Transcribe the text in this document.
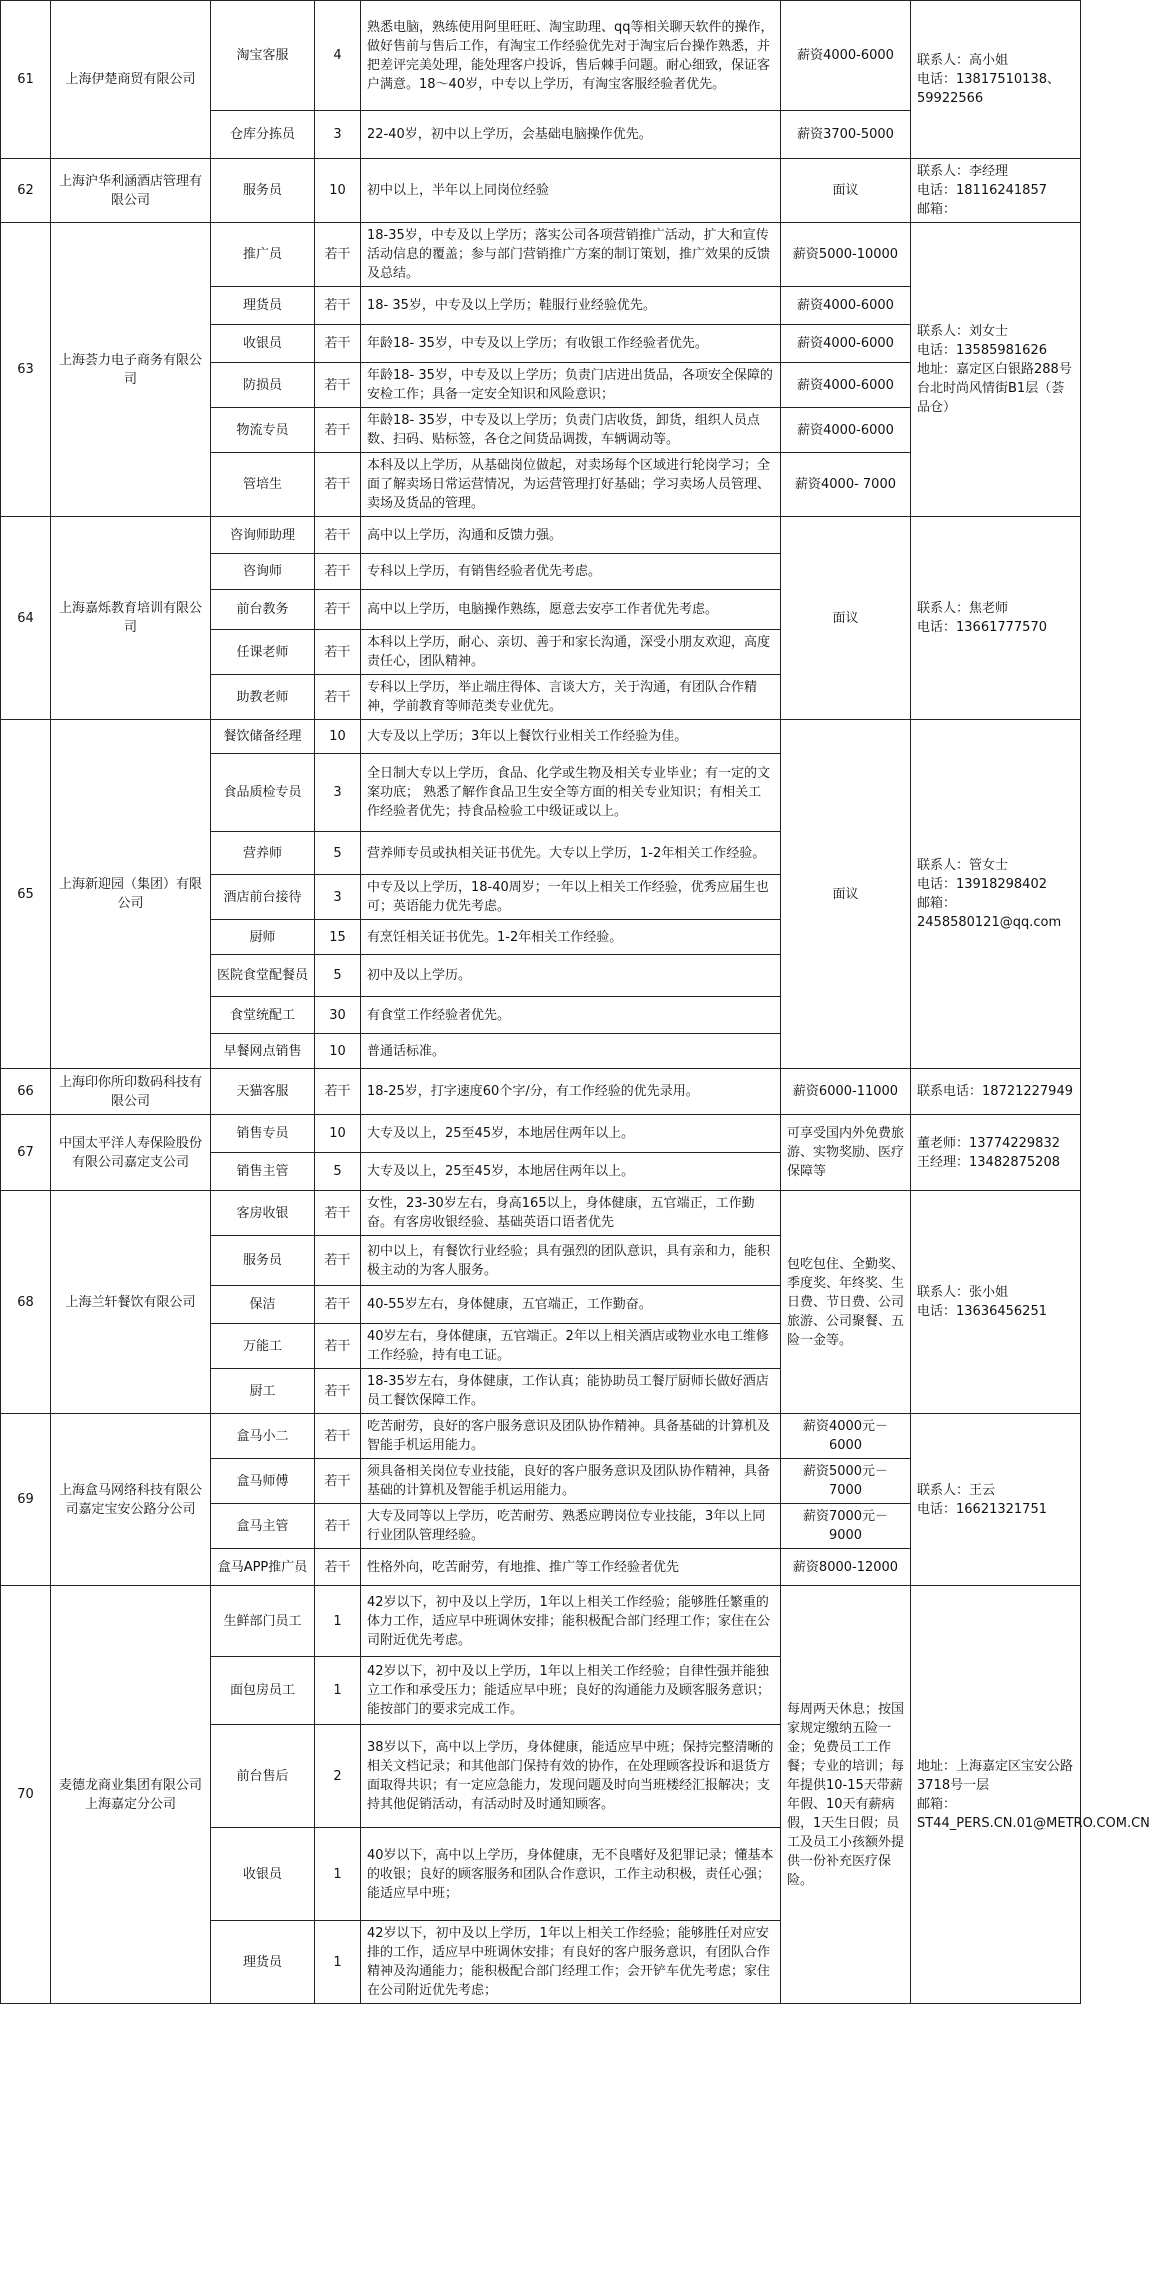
61	上海伊楚商贸有限公司	淘宝客服	4	熟悉电脑，熟练使用阿里旺旺、淘宝助理、qq等相关聊天软件的操作，做好售前与售后工作，有淘宝工作经验优先对于淘宝后台操作熟悉，并把差评完美处理，能处理客户投诉，售后棘手问题。耐心细致，保证客户满意。18～40岁，中专以上学历，有淘宝客服经验者优先。	薪资4000-6000	联系人：高小姐
电话：13817510138、59922566
		仓库分拣员	3	22-40岁，初中以上学历，会基础电脑操作优先。	薪资3700-5000	
62	上海沪华利涵酒店管理有限公司	服务员	10	初中以上，半年以上同岗位经验	面议	联系人：李经理
电话：18116241857
邮箱：
63	上海荟力电子商务有限公司	推广员	若干	18-35岁，中专及以上学历；落实公司各项营销推广活动，扩大和宣传活动信息的覆盖；参与部门营销推广方案的制订策划，推广效果的反馈及总结。	薪资5000-10000	联系人：刘女士
电话：13585981626
地址：嘉定区白银路288号台北时尚风情街B1层（荟品仓）
		理货员	若干	18- 35岁，中专及以上学历；鞋服行业经验优先。	薪资4000-6000	
		收银员	若干	年龄18- 35岁，中专及以上学历；有收银工作经验者优先。	薪资4000-6000	
		防损员	若干	年龄18- 35岁，中专及以上学历；负责门店进出货品，各项安全保障的安检工作；具备一定安全知识和风险意识；	薪资4000-6000	
		物流专员	若干	年龄18- 35岁，中专及以上学历；负责门店收货，卸货，组织人员点数、扫码、贴标签，各仓之间货品调拨，车辆调动等。	薪资4000-6000	
		管培生	若干	本科及以上学历，从基础岗位做起，对卖场每个区域进行轮岗学习；全面了解卖场日常运营情况，为运营管理打好基础；学习卖场人员管理、卖场及货品的管理。	薪资4000- 7000	
64	上海嘉烁教育培训有限公司	咨询师助理	若干	高中以上学历，沟通和反馈力强。	面议	联系人：焦老师
电话：13661777570
		咨询师	若干	专科以上学历，有销售经验者优先考虑。		
		前台教务	若干	高中以上学历，电脑操作熟练，愿意去安亭工作者优先考虑。		
		任课老师	若干	本科以上学历，耐心、亲切、善于和家长沟通，深受小朋友欢迎，高度责任心，团队精神。		
		助教老师	若干	专科以上学历，举止端庄得体、言谈大方，关于沟通，有团队合作精神，学前教育等师范类专业优先。		
65	上海新迎园（集团）有限公司	餐饮储备经理	10	大专及以上学历；3年以上餐饮行业相关工作经验为佳。	面议	联系人：管女士
电话：13918298402
邮箱：
2458580121@qq.com
		食品质检专员	3	全日制大专以上学历，食品、化学或生物及相关专业毕业；有一定的文案功底； 熟悉了解作食品卫生安全等方面的相关专业知识；有相关工作经验者优先；持食品检验工中级证或以上。		
		营养师	5	营养师专员或执相关证书优先。大专以上学历，1-2年相关工作经验。		
		酒店前台接待	3	中专及以上学历，18-40周岁；一年以上相关工作经验，优秀应届生也可；英语能力优先考虑。		
		厨师	15	有烹饪相关证书优先。1-2年相关工作经验。		
		医院食堂配餐员	5	初中及以上学历。		
		食堂统配工	30	有食堂工作经验者优先。		
		早餐网点销售	10	普通话标准。		
66	上海印你所印数码科技有限公司	天猫客服	若干	18-25岁，打字速度60个字/分，有工作经验的优先录用。	薪资6000-11000	联系电话：18721227949
67	中国太平洋人寿保险股份有限公司嘉定支公司	销售专员	10	大专及以上，25至45岁，本地居住两年以上。	可享受国内外免费旅游、实物奖励、医疗保障等	董老师：13774229832
王经理：13482875208
		销售主管	5	大专及以上，25至45岁，本地居住两年以上。		
68	上海兰轩餐饮有限公司	客房收银	若干	女性，23-30岁左右，身高165以上，身体健康，五官端正，工作勤奋。有客房收银经验、基础英语口语者优先	包吃包住、全勤奖、季度奖、年终奖、生日费、节日费、公司旅游、公司聚餐、五险一金等。	联系人：张小姐
电话：13636456251
		服务员	若干	初中以上，有餐饮行业经验；具有强烈的团队意识，具有亲和力，能积极主动的为客人服务。		
		保洁	若干	40-55岁左右，身体健康，五官端正，工作勤奋。		
		万能工	若干	40岁左右，身体健康，五官端正。2年以上相关酒店或物业水电工维修工作经验，持有电工证。		
		厨工	若干	18-35岁左右，身体健康，工作认真；能协助员工餐厅厨师长做好酒店员工餐饮保障工作。		
69	上海盒马网络科技有限公司嘉定宝安公路分公司	盒马小二	若干	吃苦耐劳，良好的客户服务意识及团队协作精神。具备基础的计算机及智能手机运用能力。	薪资4000元－6000	联系人：王云
电话：16621321751
		盒马师傅	若干	须具备相关岗位专业技能，良好的客户服务意识及团队协作精神，具备基础的计算机及智能手机运用能力。	薪资5000元－7000	
		盒马主管	若干	大专及同等以上学历，吃苦耐劳、熟悉应聘岗位专业技能，3年以上同行业团队管理经验。	薪资7000元－9000	
		盒马APP推广员	若干	性格外向，吃苦耐劳，有地推、推广等工作经验者优先	薪资8000-12000	
70	麦德龙商业集团有限公司上海嘉定分公司	生鲜部门员工	1	42岁以下，初中及以上学历，1年以上相关工作经验；能够胜任繁重的体力工作，适应早中班调休安排；能积极配合部门经理工作；家住在公司附近优先考虑。	每周两天休息；按国家规定缴纳五险一金；免费员工工作餐；专业的培训；每年提供10-15天带薪年假、10天有薪病假，1天生日假；员工及员工小孩额外提供一份补充医疗保险。	地址：上海嘉定区宝安公路3718号一层
邮箱：
ST44_PERS.CN.01@METRO.COM.CN
		面包房员工	1	42岁以下，初中及以上学历，1年以上相关工作经验；自律性强并能独立工作和承受压力；能适应早中班；良好的沟通能力及顾客服务意识；能按部门的要求完成工作。		
		前台售后	2	38岁以下，高中以上学历，身体健康，能适应早中班；保持完整清晰的相关文档记录；和其他部门保持有效的协作，在处理顾客投诉和退货方面取得共识；有一定应急能力，发现问题及时向当班楼经汇报解决；支持其他促销活动，有活动时及时通知顾客。		
		收银员	1	40岁以下，高中以上学历，身体健康，无不良嗜好及犯罪记录；懂基本的收银；良好的顾客服务和团队合作意识，工作主动积极，责任心强；能适应早中班；		
		理货员	1	42岁以下，初中及以上学历，1年以上相关工作经验；能够胜任对应安排的工作，适应早中班调休安排；有良好的客户服务意识，有团队合作精神及沟通能力；能积极配合部门经理工作；会开铲车优先考虑；家住在公司附近优先考虑；		
